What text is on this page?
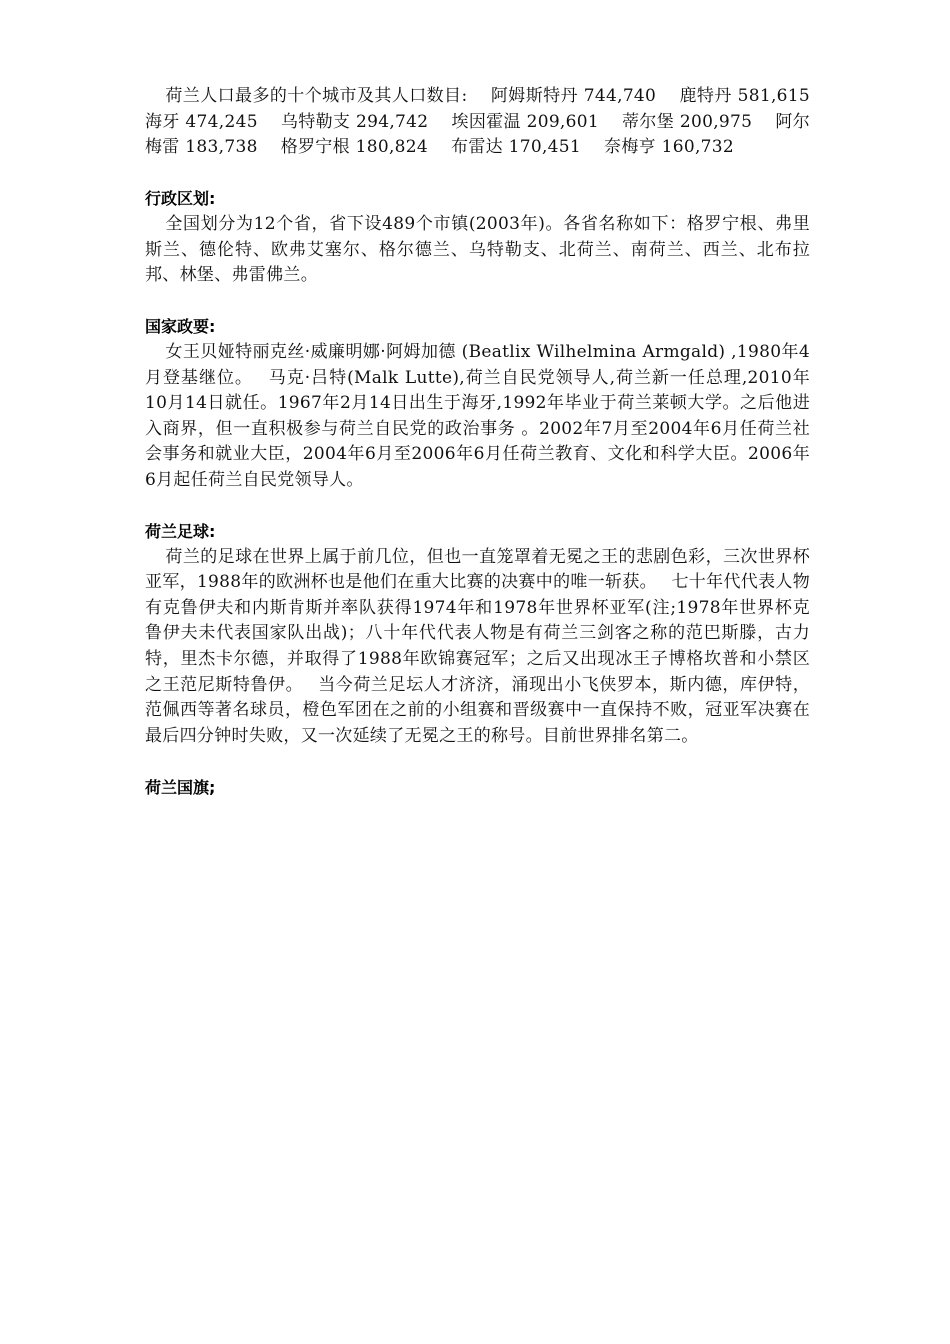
荷兰人口最多的十个城市及其人口数目:　 阿姆斯特丹 744,740　 鹿特丹 581,615　 海牙 474,245　 乌特勒支 294,742　 埃因霍温 209,601　 蒂尔堡 200,975　 阿尔梅雷 183,738　 格罗宁根 180,824　 布雷达 170,451　 奈梅亨 160,732

行政区划:

全国划分为12个省，省下设489个市镇(2003年)。各省名称如下：格罗宁根、弗里斯兰、德伦特、欧弗艾塞尔、格尔德兰、乌特勒支、北荷兰、南荷兰、西兰、北布拉邦、林堡、弗雷佛兰。

国家政要:

女王贝娅特丽克丝·威廉明娜·阿姆加德 (Beatlix Wilhelmina Armgald) ,1980年4月登基继位。　 马克·吕特(Malk Lutte),荷兰自民党领导人,荷兰新一任总理,2010年10月14日就任。1967年2月14日出生于海牙,1992年毕业于荷兰莱顿大学。之后他进入商界，但一直积极参与荷兰自民党的政治事务 。2002年7月至2004年6月任荷兰社会事务和就业大臣，2004年6月至2006年6月任荷兰教育、文化和科学大臣。2006年6月起任荷兰自民党领导人。

荷兰足球:

荷兰的足球在世界上属于前几位，但也一直笼罩着无冕之王的悲剧色彩，三次世界杯亚军，1988年的欧洲杯也是他们在重大比赛的决赛中的唯一斩获。　 七十年代代表人物有克鲁伊夫和内斯肯斯并率队获得1974年和1978年世界杯亚军(注;1978年世界杯克鲁伊夫未代表国家队出战)；八十年代代表人物是有荷兰三剑客之称的范巴斯滕，古力特，里杰卡尔德，并取得了1988年欧锦赛冠军；之后又出现冰王子博格坎普和小禁区之王范尼斯特鲁伊。　 当今荷兰足坛人才济济，涌现出小飞侠罗本，斯内德，库伊特，范佩西等著名球员，橙色军团在之前的小组赛和晋级赛中一直保持不败，冠亚军决赛在最后四分钟时失败，又一次延续了无冕之王的称号。目前世界排名第二。

荷兰国旗;
